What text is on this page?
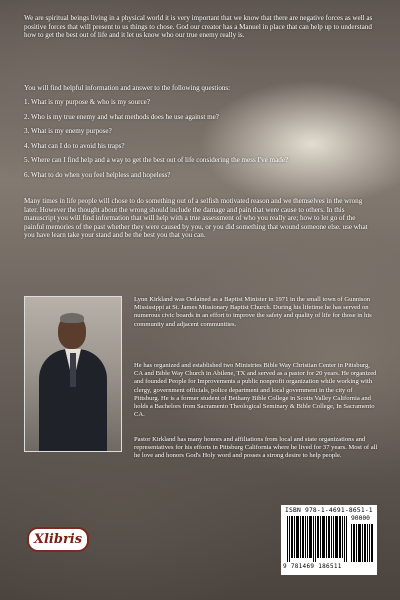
We are spiritual beings living in a physical world it is very important that we know that there are negative forces as well as positive forces that will present to us things to chose. God our creator has a Manuel in place that can help up to understand how to get the best out of life and it let us know who our true enemy really is.
You will find helpful information and answer to the following questions:
1. What is my purpose & who is my source?
2. Who is my true enemy and what methods does he use against me?
3. What is my enemy purpose?
4. What can I do to avoid his traps?
5. Where can I find help and a way to get the best out of life considering the mess I've made?
6. What to do when you feel helpless and hopeless?
Many times in life people will chose to do something out of a selfish motivated reason and we themselves in the wrong later. However the thought about the wrong should include the damage and pain that were cause to others. In this manuscript you will find information that will help with a true assessment of who you really are; how to let go of the painful memories of the past whether they were caused by you, or you did something that wound someone else. use what you have learn take your stand and be the best you that you can.
Lynn Kirkland was Ordained as a Baptist Minister in 1971 in the small town of Gunnison Mississippi at St. James Missionary Baptist Church. During his lifetime he has served on numerous civic boards in an effort to improve the safety and quality of life for those in his community and adjacent communities.
He has organized and established two Ministries Bible Way Christian Center in Pittsburg, CA and Bible Way Church in Abilene, TX and served as a pastor for 20 years. He organized and founded People for Improvements a public nonprofit organization while working with clergy, government officials, police department and local government in the city of Pittsburg. He is a former student of Bethany Bible College in Scotts Valley California and holds a Bachelors from Sacramento Theological Seminary & Bible College, In Sacramento CA.
Pastor Kirkland has many honors and affiliations from local and state organizations and representatives for his efforts in Pittsburg California where he lived for 37 years. Most of all he love and honors God's Holy word and posses a strong desire to help people.
Xlibris
ISBN 978-1-4691-8651-1
90000
9 781469 186511
